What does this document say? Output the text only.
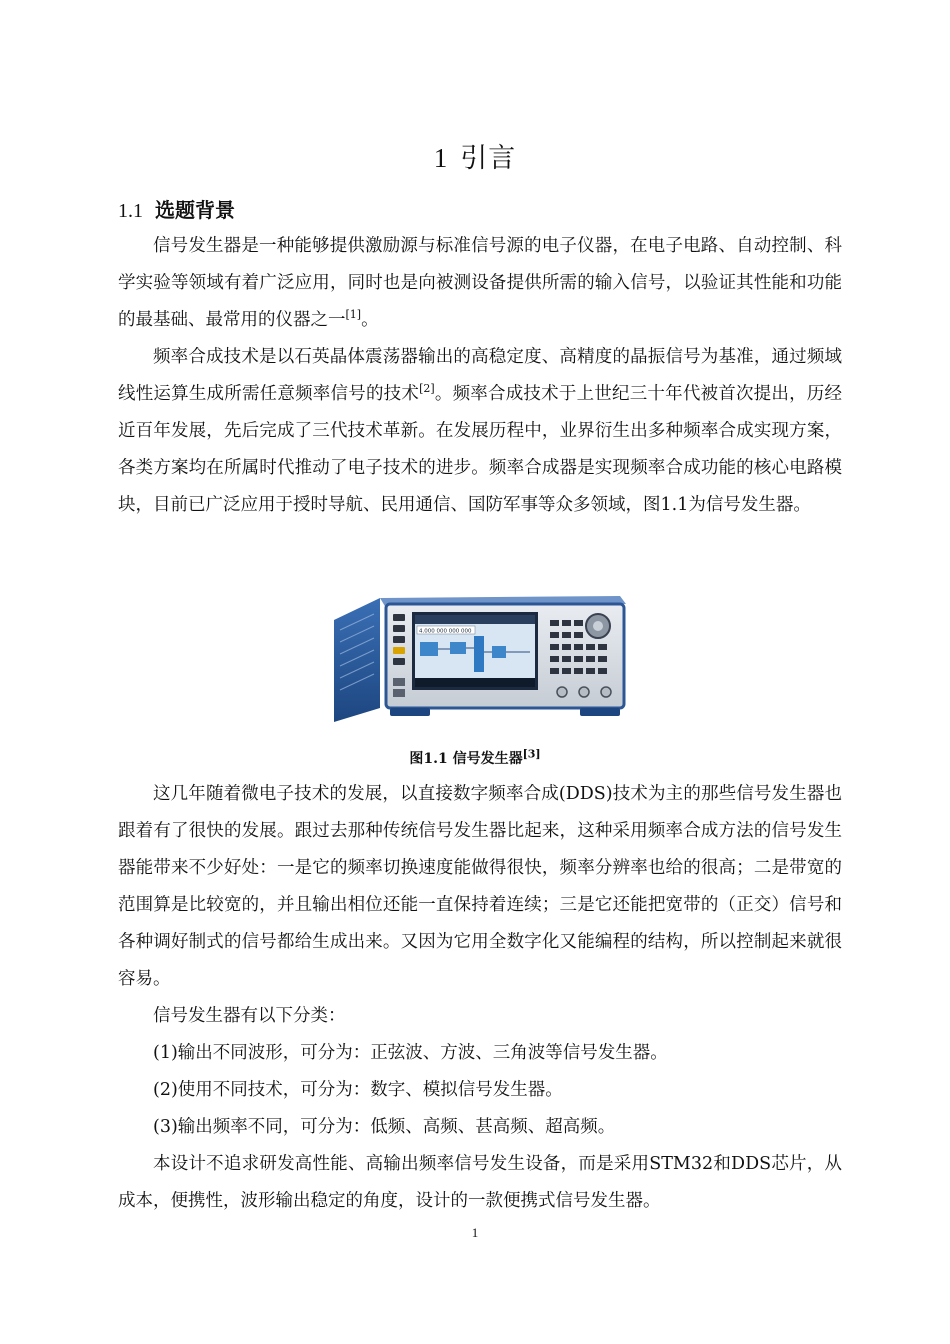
1 引言
1.1 选题背景

信号发生器是一种能够提供激励源与标准信号源的电子仪器，在电子电路、自动控制、科学实验等领域有着广泛应用，同时也是向被测设备提供所需的输入信号，以验证其性能和功能的最基础、最常用的仪器之一[1]。

频率合成技术是以石英晶体震荡器输出的高稳定度、高精度的晶振信号为基准，通过频域线性运算生成所需任意频率信号的技术[2]。频率合成技术于上世纪三十年代被首次提出，历经近百年发展，先后完成了三代技术革新。在发展历程中，业界衍生出多种频率合成实现方案，各类方案均在所属时代推动了电子技术的进步。频率合成器是实现频率合成功能的核心电路模块，目前已广泛应用于授时导航、民用通信、国防军事等众多领域，图1.1为信号发生器。

4.000 000 000 000
图1.1 信号发生器[3]

这几年随着微电子技术的发展，以直接数字频率合成(DDS)技术为主的那些信号发生器也跟着有了很快的发展。跟过去那种传统信号发生器比起来，这种采用频率合成方法的信号发生器能带来不少好处：一是它的频率切换速度能做得很快，频率分辨率也给的很高；二是带宽的范围算是比较宽的，并且输出相位还能一直保持着连续；三是它还能把宽带的（正交）信号和各种调好制式的信号都给生成出来。又因为它用全数字化又能编程的结构，所以控制起来就很容易。

信号发生器有以下分类：

(1)输出不同波形，可分为：正弦波、方波、三角波等信号发生器。

(2)使用不同技术，可分为：数字、模拟信号发生器。

(3)输出频率不同，可分为：低频、高频、甚高频、超高频。

本设计不追求研发高性能、高输出频率信号发生设备，而是采用STM32和DDS芯片，从成本，便携性，波形输出稳定的角度，设计的一款便携式信号发生器。

1
